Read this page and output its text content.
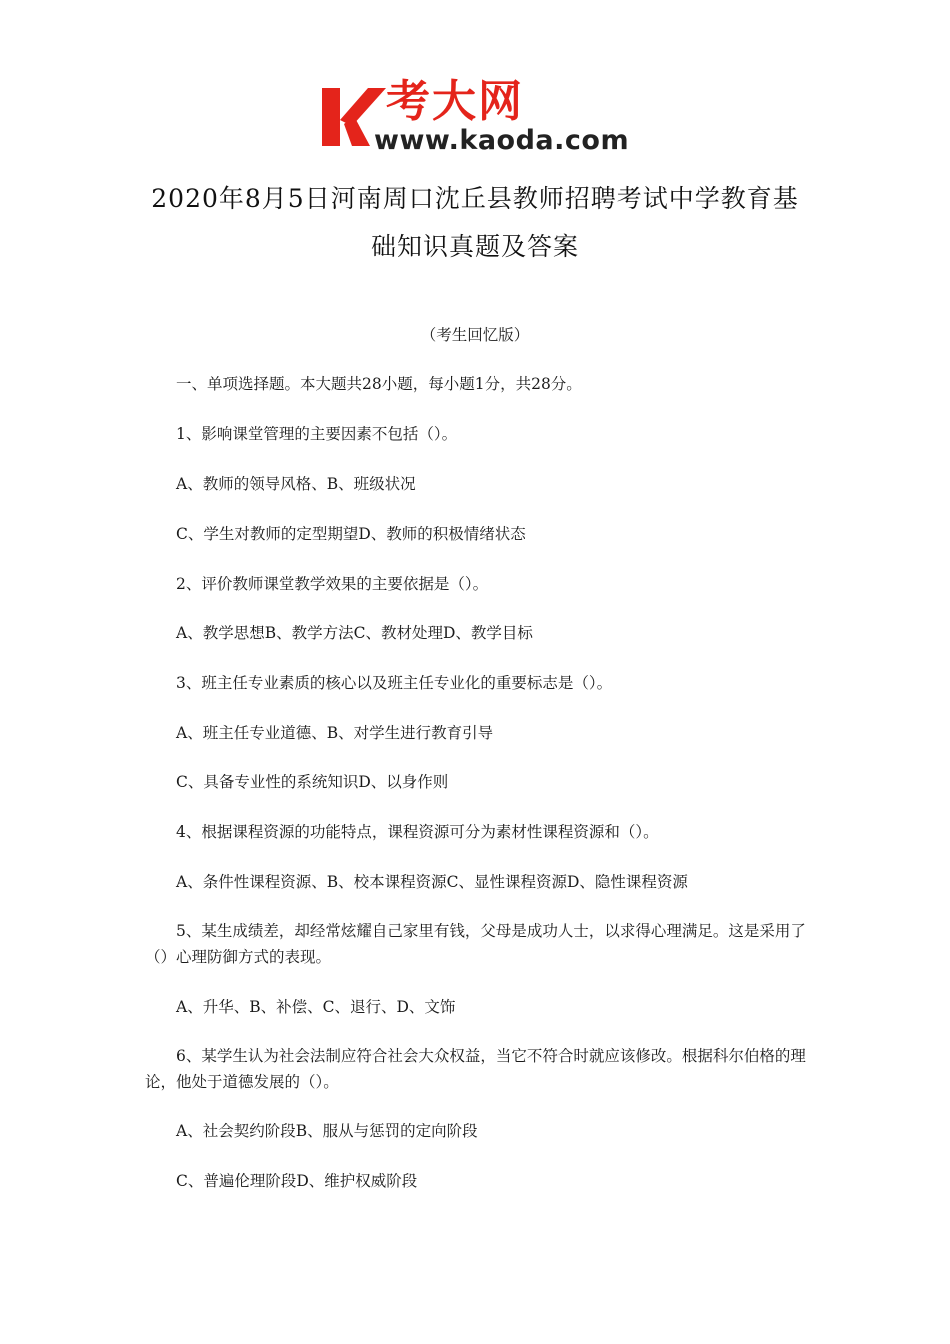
考大网
www.kaoda.com
2020年8月5日河南周口沈丘县教师招聘考试中学教育基
础知识真题及答案
（考生回忆版）
一、单项选择题。本大题共28小题，每小题1分，共28分。
1、影响课堂管理的主要因素不包括（）。
A、教师的领导风格、B、班级状况
C、学生对教师的定型期望D、教师的积极情绪状态
2、评价教师课堂教学效果的主要依据是（）。
A、教学思想B、教学方法C、教材处理D、教学目标
3、班主任专业素质的核心以及班主任专业化的重要标志是（）。
A、班主任专业道德、B、对学生进行教育引导
C、具备专业性的系统知识D、以身作则
4、根据课程资源的功能特点，课程资源可分为素材性课程资源和（）。
A、条件性课程资源、B、校本课程资源C、显性课程资源D、隐性课程资源
5、某生成绩差，却经常炫耀自己家里有钱，父母是成功人士，以求得心理满足。这是采用了（）心理防御方式的表现。
A、升华、B、补偿、C、退行、D、文饰
6、某学生认为社会法制应符合社会大众权益，当它不符合时就应该修改。根据科尔伯格的理论，他处于道德发展的（）。
A、社会契约阶段B、服从与惩罚的定向阶段
C、普遍伦理阶段D、维护权威阶段
